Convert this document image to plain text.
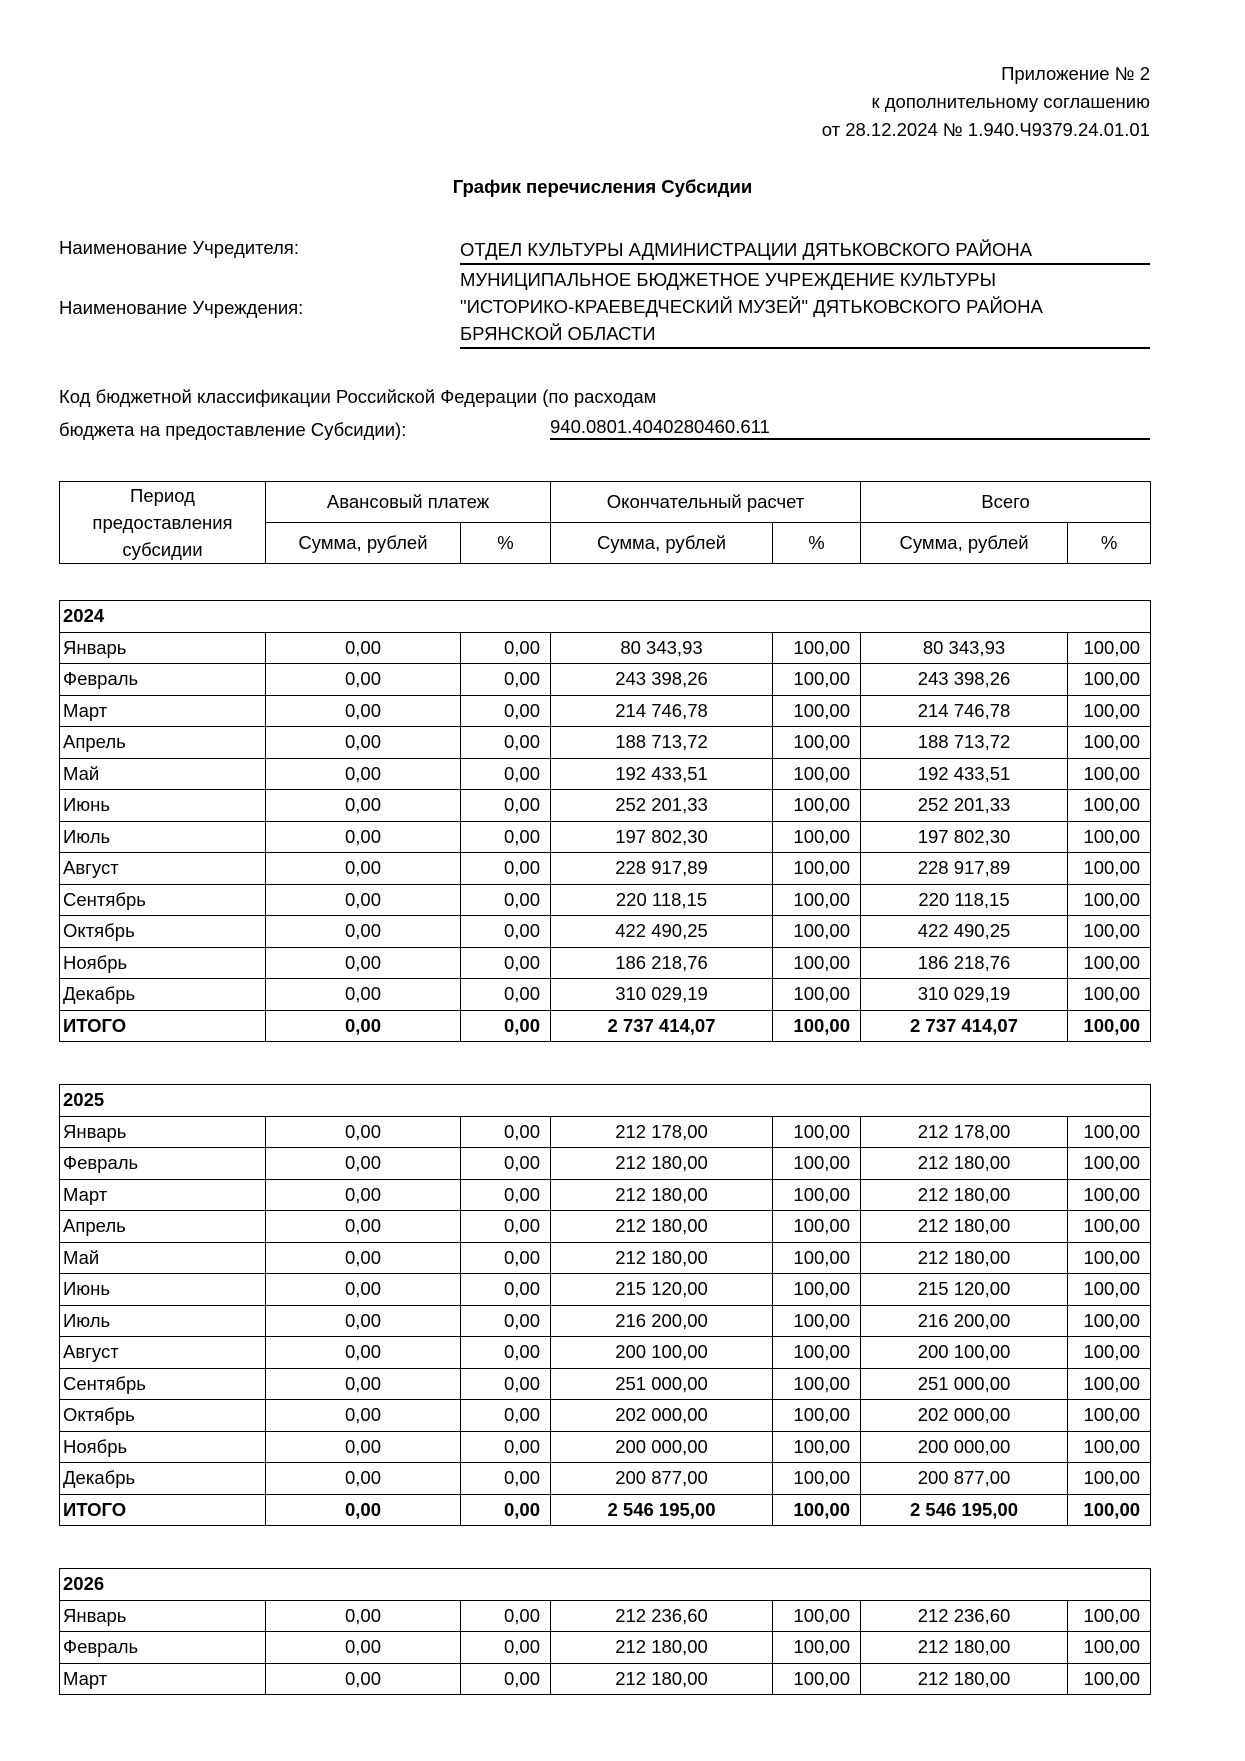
Приложение № 2
к дополнительному соглашению
от 28.12.2024 № 1.940.Ч9379.24.01.01
График перечисления Субсидии
Наименование Учредителя:	ОТДЕЛ КУЛЬТУРЫ АДМИНИСТРАЦИИ ДЯТЬКОВСКОГО РАЙОНА
Наименование Учреждения:
МУНИЦИПАЛЬНОЕ БЮДЖЕТНОЕ УЧРЕЖДЕНИЕ КУЛЬТУРЫ
"ИСТОРИКО-КРАЕВЕДЧЕСКИЙ МУЗЕЙ" ДЯТЬКОВСКОГО РАЙОНА
БРЯНСКОЙ ОБЛАСТИ
Код бюджетной классификации Российской Федерации (по расходам
бюджета на предоставление Субсидии):	940.0801.4040280460.611
Период предоставления субсидии	Авансовый платеж		Окончательный расчет		Всего	
	Сумма, рублей	%	Сумма, рублей	%	Сумма, рублей	%
2024						
Январь	0,00	0,00	80 343,93	100,00	80 343,93	100,00
Февраль	0,00	0,00	243 398,26	100,00	243 398,26	100,00
Март	0,00	0,00	214 746,78	100,00	214 746,78	100,00
Апрель	0,00	0,00	188 713,72	100,00	188 713,72	100,00
Май	0,00	0,00	192 433,51	100,00	192 433,51	100,00
Июнь	0,00	0,00	252 201,33	100,00	252 201,33	100,00
Июль	0,00	0,00	197 802,30	100,00	197 802,30	100,00
Август	0,00	0,00	228 917,89	100,00	228 917,89	100,00
Сентябрь	0,00	0,00	220 118,15	100,00	220 118,15	100,00
Октябрь	0,00	0,00	422 490,25	100,00	422 490,25	100,00
Ноябрь	0,00	0,00	186 218,76	100,00	186 218,76	100,00
Декабрь	0,00	0,00	310 029,19	100,00	310 029,19	100,00
ИТОГО	0,00	0,00	2 737 414,07	100,00	2 737 414,07	100,00
2025						
Январь	0,00	0,00	212 178,00	100,00	212 178,00	100,00
Февраль	0,00	0,00	212 180,00	100,00	212 180,00	100,00
Март	0,00	0,00	212 180,00	100,00	212 180,00	100,00
Апрель	0,00	0,00	212 180,00	100,00	212 180,00	100,00
Май	0,00	0,00	212 180,00	100,00	212 180,00	100,00
Июнь	0,00	0,00	215 120,00	100,00	215 120,00	100,00
Июль	0,00	0,00	216 200,00	100,00	216 200,00	100,00
Август	0,00	0,00	200 100,00	100,00	200 100,00	100,00
Сентябрь	0,00	0,00	251 000,00	100,00	251 000,00	100,00
Октябрь	0,00	0,00	202 000,00	100,00	202 000,00	100,00
Ноябрь	0,00	0,00	200 000,00	100,00	200 000,00	100,00
Декабрь	0,00	0,00	200 877,00	100,00	200 877,00	100,00
ИТОГО	0,00	0,00	2 546 195,00	100,00	2 546 195,00	100,00
2026						
Январь	0,00	0,00	212 236,60	100,00	212 236,60	100,00
Февраль	0,00	0,00	212 180,00	100,00	212 180,00	100,00
Март	0,00	0,00	212 180,00	100,00	212 180,00	100,00
